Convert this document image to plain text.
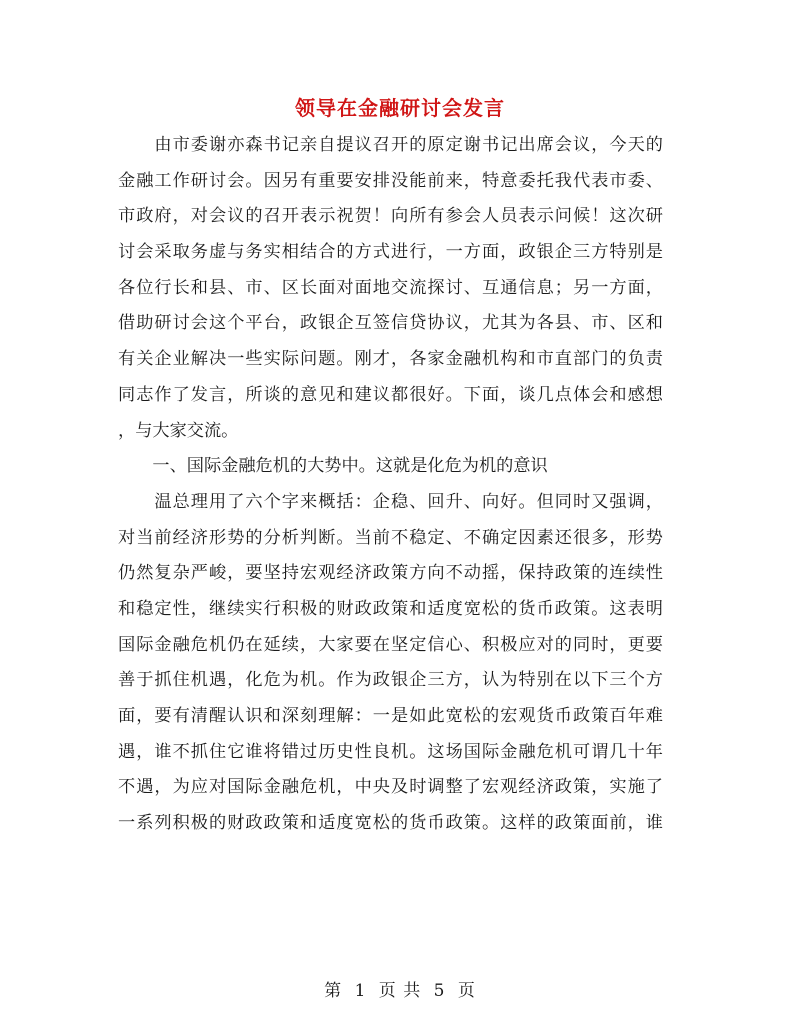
领导在金融研讨会发言
　　由市委谢亦森书记亲自提议召开的原定谢书记出席会议，今天的
金融工作研讨会。因另有重要安排没能前来，特意委托我代表市委、
市政府，对会议的召开表示祝贺！向所有参会人员表示问候！这次研
讨会采取务虚与务实相结合的方式进行，一方面，政银企三方特别是
各位行长和县、市、区长面对面地交流探讨、互通信息；另一方面，
借助研讨会这个平台，政银企互签信贷协议，尤其为各县、市、区和
有关企业解决一些实际问题。刚才，各家金融机构和市直部门的负责
同志作了发言，所谈的意见和建议都很好。下面，谈几点体会和感想
，与大家交流。
　　一、国际金融危机的大势中。这就是化危为机的意识
　　温总理用了六个字来概括：企稳、回升、向好。但同时又强调，
对当前经济形势的分析判断。当前不稳定、不确定因素还很多，形势
仍然复杂严峻，要坚持宏观经济政策方向不动摇，保持政策的连续性
和稳定性，继续实行积极的财政政策和适度宽松的货币政策。这表明
国际金融危机仍在延续，大家要在坚定信心、积极应对的同时，更要
善于抓住机遇，化危为机。作为政银企三方，认为特别在以下三个方
面，要有清醒认识和深刻理解：一是如此宽松的宏观货币政策百年难
遇，谁不抓住它谁将错过历史性良机。这场国际金融危机可谓几十年
不遇，为应对国际金融危机，中央及时调整了宏观经济政策，实施了
一系列积极的财政政策和适度宽松的货币政策。这样的政策面前，谁
第 1 页 共 5 页
